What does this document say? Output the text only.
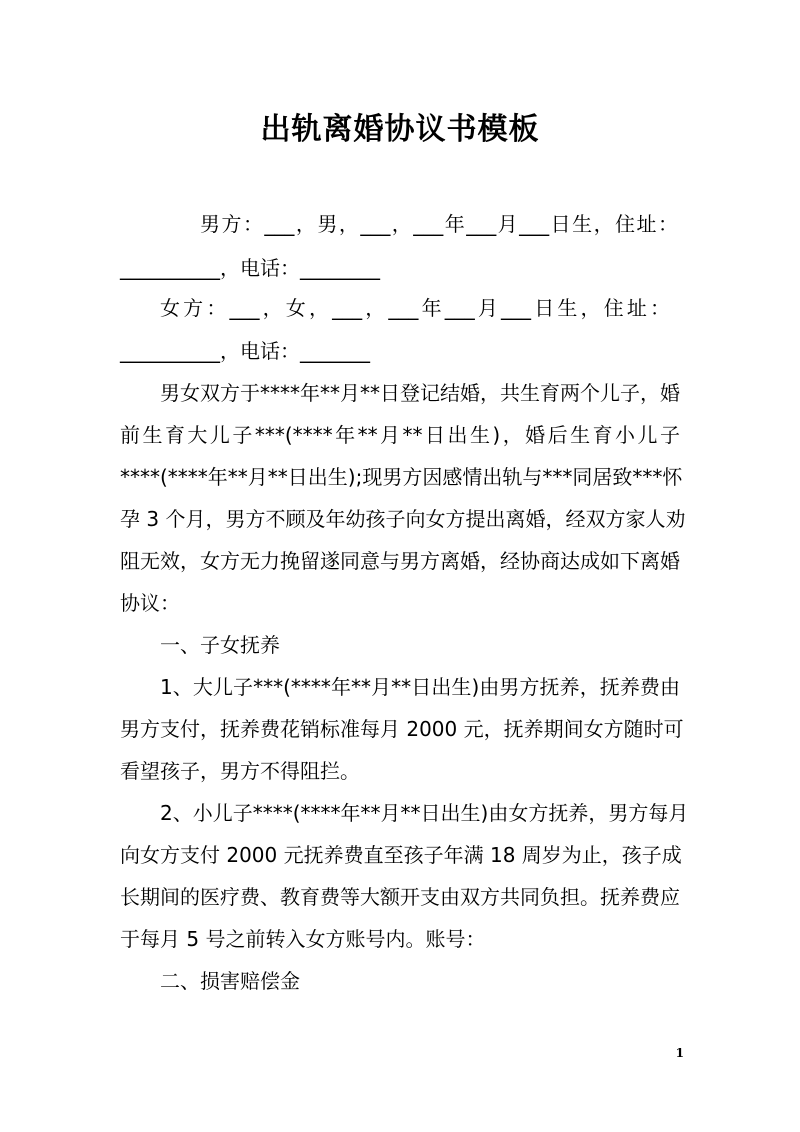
出轨离婚协议书模板
男方：___，男，___，___年___月___日生，住址：
__________，电话：________
女方：___，女，___，___年___月___日生，住址：
__________，电话：_______
男女双方于****年**月**日登记结婚，共生育两个儿子，婚
前生育大儿子***(****年**月**日出生)，婚后生育小儿子
****(****年**月**日出生);现男方因感情出轨与***同居致***怀
孕 3 个月，男方不顾及年幼孩子向女方提出离婚，经双方家人劝
阻无效，女方无力挽留遂同意与男方离婚，经协商达成如下离婚
协议：
一、子女抚养
1、大儿子***(****年**月**日出生)由男方抚养，抚养费由
男方支付，抚养费花销标准每月 2000 元，抚养期间女方随时可
看望孩子，男方不得阻拦。
2、小儿子****(****年**月**日出生)由女方抚养，男方每月
向女方支付 2000 元抚养费直至孩子年满 18 周岁为止，孩子成
长期间的医疗费、教育费等大额开支由双方共同负担。抚养费应
于每月 5 号之前转入女方账号内。账号：
二、损害赔偿金
1
